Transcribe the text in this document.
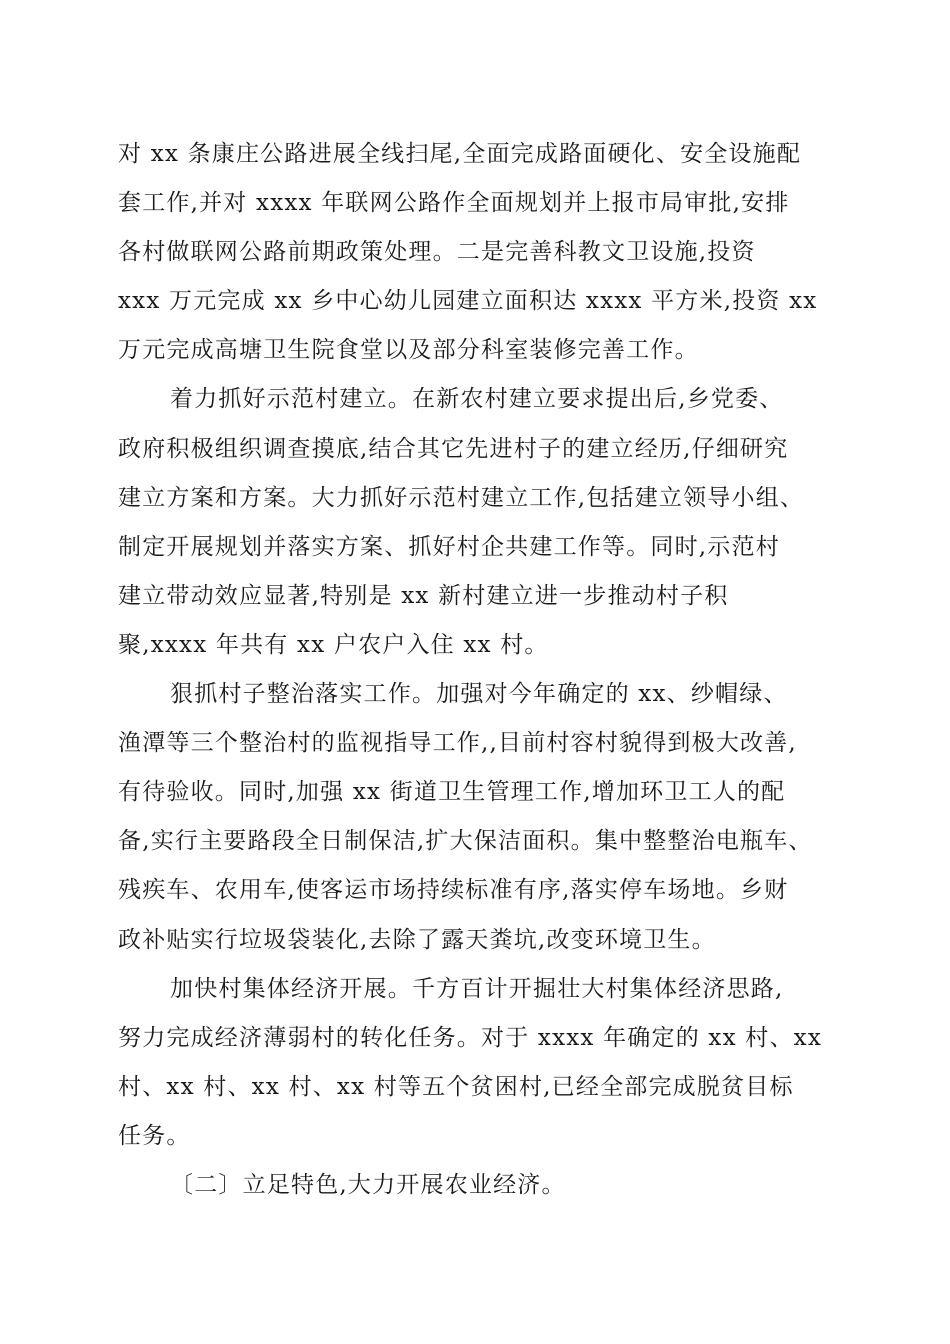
对 xx 条康庄公路进展全线扫尾,全面完成路面硬化、安全设施配
套工作,并对 xxxx 年联网公路作全面规划并上报市局审批,安排
各村做联网公路前期政策处理。二是完善科教文卫设施,投资
xxx 万元完成 xx 乡中心幼儿园建立面积达 xxxx 平方米,投资 xx
万元完成高塘卫生院食堂以及部分科室装修完善工作。
着力抓好示范村建立。在新农村建立要求提出后,乡党委、
政府积极组织调查摸底,结合其它先进村子的建立经历,仔细研究
建立方案和方案。大力抓好示范村建立工作,包括建立领导小组、
制定开展规划并落实方案、抓好村企共建工作等。同时,示范村
建立带动效应显著,特别是 xx 新村建立进一步推动村子积
聚,xxxx 年共有 xx 户农户入住 xx 村。
狠抓村子整治落实工作。加强对今年确定的 xx、纱帽绿、
渔潭等三个整治村的监视指导工作,,目前村容村貌得到极大改善,
有待验收。同时,加强 xx 街道卫生管理工作,增加环卫工人的配
备,实行主要路段全日制保洁,扩大保洁面积。集中整整治电瓶车、
残疾车、农用车,使客运市场持续标准有序,落实停车场地。乡财
政补贴实行垃圾袋装化,去除了露天粪坑,改变环境卫生。
加快村集体经济开展。千方百计开掘壮大村集体经济思路,
努力完成经济薄弱村的转化任务。对于 xxxx 年确定的 xx 村、xx
村、xx 村、xx 村、xx 村等五个贫困村,已经全部完成脱贫目标
任务。
〔二〕立足特色,大力开展农业经济。
